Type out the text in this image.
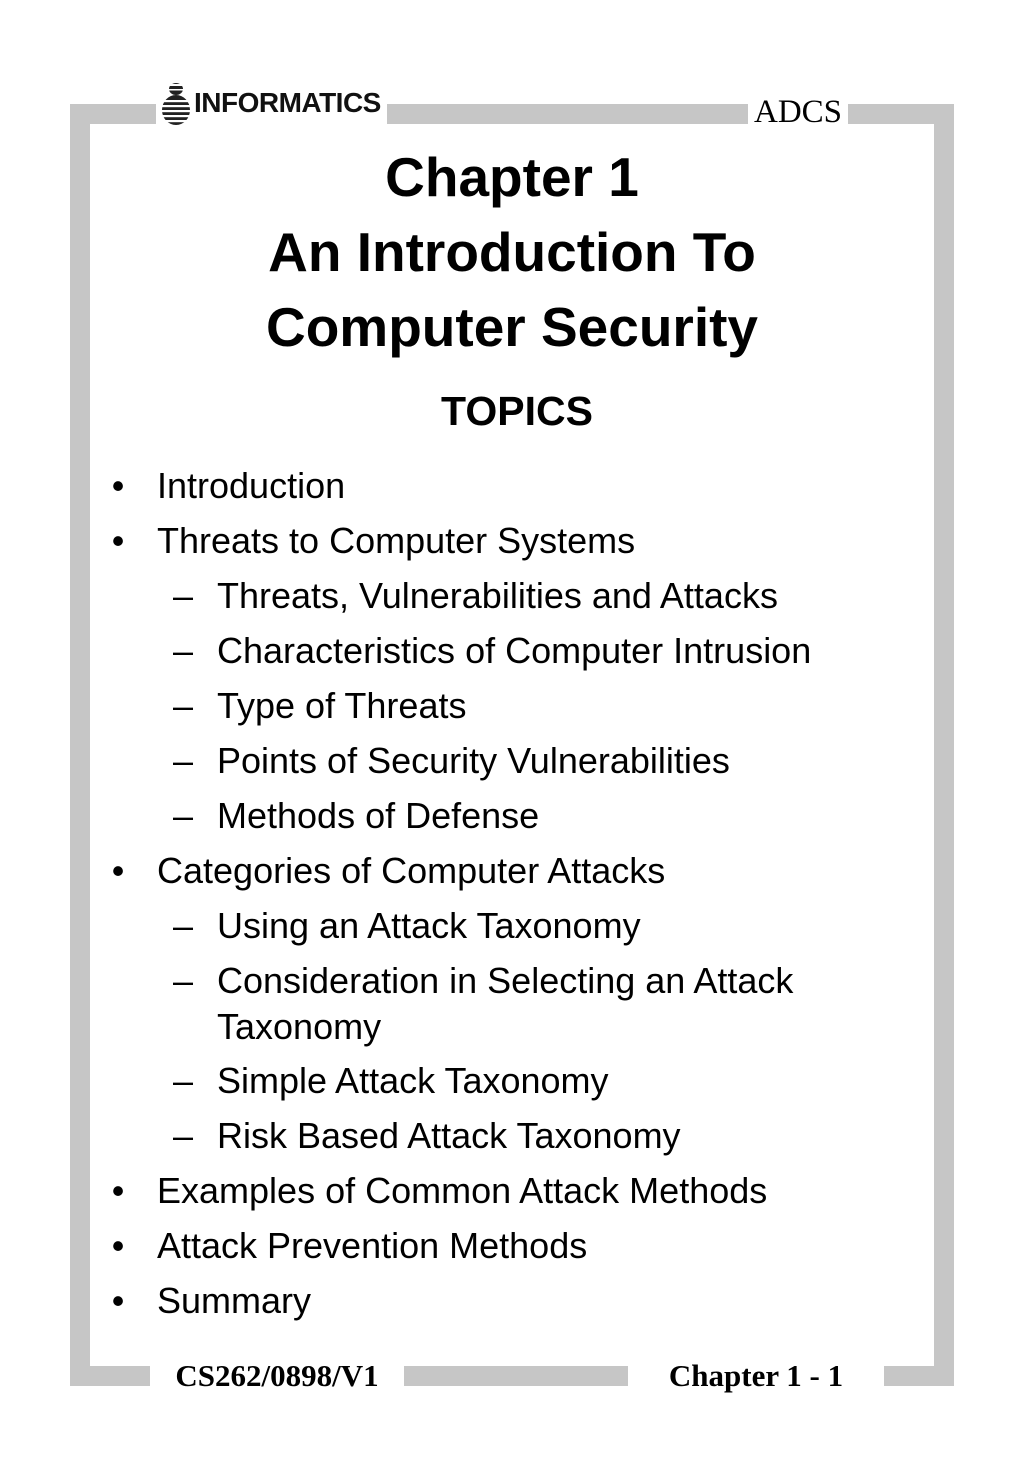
INFORMATICS	ADCS
Chapter 1
An Introduction To
Computer Security
TOPICS
• Introduction
• Threats to Computer Systems
– Threats, Vulnerabilities and Attacks
– Characteristics of Computer Intrusion
– Type of Threats
– Points of Security Vulnerabilities
– Methods of Defense
• Categories of Computer Attacks
– Using an Attack Taxonomy
– Consideration in Selecting an Attack Taxonomy
– Simple Attack Taxonomy
– Risk Based Attack Taxonomy
• Examples of Common Attack Methods
• Attack Prevention Methods
• Summary
CS262/0898/V1	Chapter 1 - 1
